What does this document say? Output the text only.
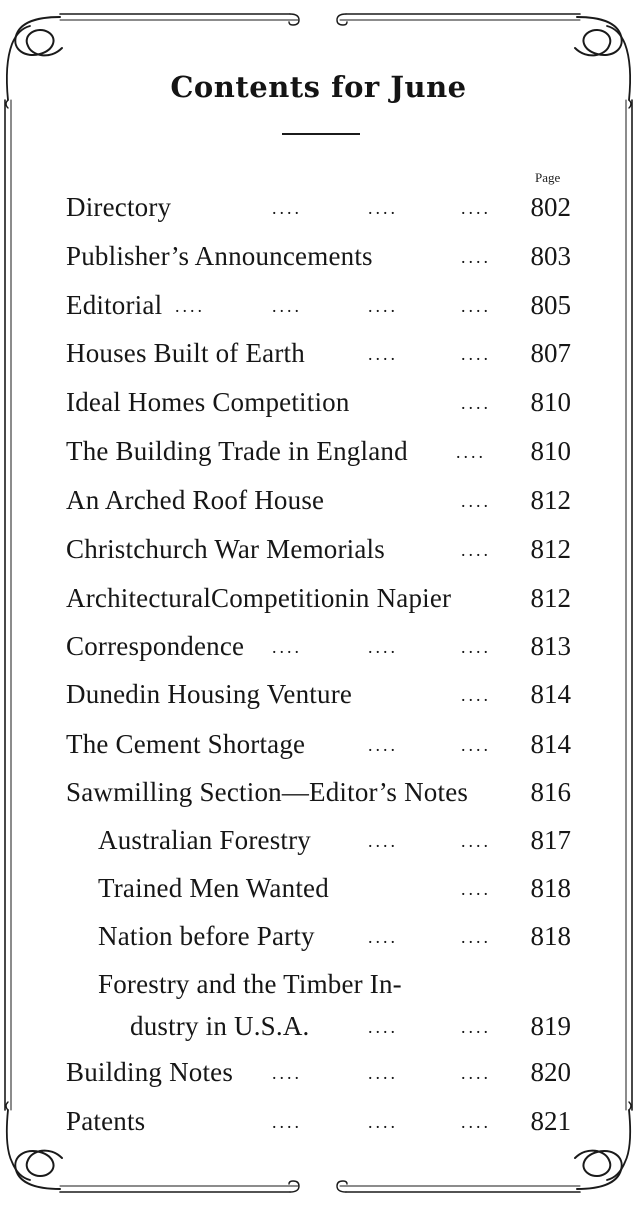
Contents for June
Page
Directory	....	....	....	802
Publisher’s Announcements	....	803
Editorial ....	....	....	....	805
Houses Built of Earth	....	....	807
Ideal Homes Competition	....	810
The Building Trade in England	....	810
An Arched Roof House	....	812
Christchurch War Memorials	....	812
ArchitecturalCompetitionin Napier	812
Correspondence ....	....	....	813
Dunedin Housing Venture	....	814
The Cement Shortage	....	....	814
Sawmilling Section—Editor’s Notes	816
Australian Forestry	....	....	817
Trained Men Wanted	....	818
Nation before Party	....	....	818
Forestry and the Timber In-
dustry in U.S.A.	....	....	819
Building Notes ....	....	....	820
Patents	....	....	....	821
